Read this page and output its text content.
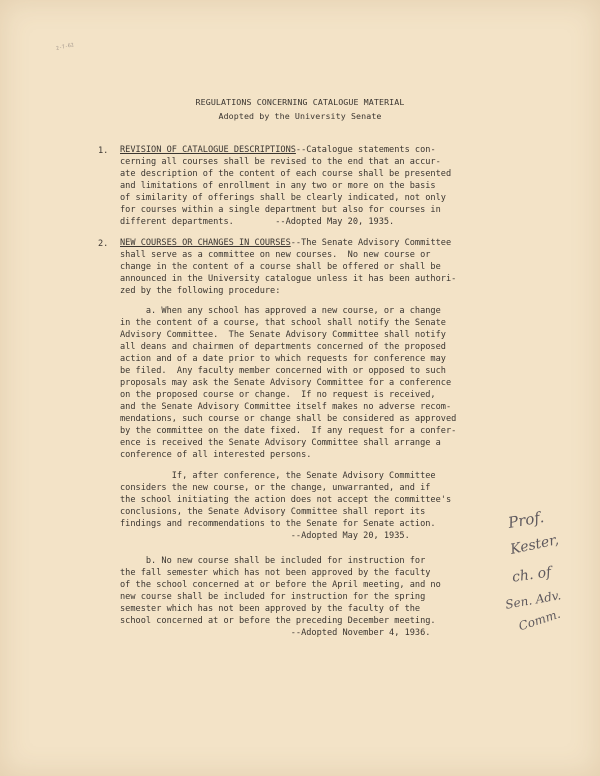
2-7-62
REGULATIONS CONCERNING CATALOGUE MATERIAL
Adopted by the University Senate
1. REVISION OF CATALOGUE DESCRIPTIONS--Catalogue statements con-
cerning all courses shall be revised to the end that an accur-
ate description of the content of each course shall be presented
and limitations of enrollment in any two or more on the basis
of similarity of offerings shall be clearly indicated, not only
for courses within a single department but also for courses in
different departments.        --Adopted May 20, 1935.
2. NEW COURSES OR CHANGES IN COURSES--The Senate Advisory Committee
shall serve as a committee on new courses.  No new course or
change in the content of a course shall be offered or shall be
announced in the University catalogue unless it has been authori-
zed by the following procedure:
a. When any school has approved a new course, or a change
in the content of a course, that school shall notify the Senate
Advisory Committee.  The Senate Advisory Committee shall notify
all deans and chairmen of departments concerned of the proposed
action and of a date prior to which requests for conference may
be filed.  Any faculty member concerned with or opposed to such
proposals may ask the Senate Advisory Committee for a conference
on the proposed course or change.  If no request is received,
and the Senate Advisory Committee itself makes no adverse recom-
mendations, such course or change shall be considered as approved
by the committee on the date fixed.  If any request for a confer-
ence is received the Senate Advisory Committee shall arrange a
conference of all interested persons.
If, after conference, the Senate Advisory Committee
considers the new course, or the change, unwarranted, and if
the school initiating the action does not accept the committee's
conclusions, the Senate Advisory Committee shall report its
findings and recommendations to the Senate for Senate action.
--Adopted May 20, 1935.
b. No new course shall be included for instruction for
the fall semester which has not been approved by the faculty
of the school concerned at or before the April meeting, and no
new course shall be included for instruction for the spring
semester which has not been approved by the faculty of the
school concerned at or before the preceding December meeting.
--Adopted November 4, 1936.
Prof.
Kester,
ch. of
Sen. Adv.
Comm.
